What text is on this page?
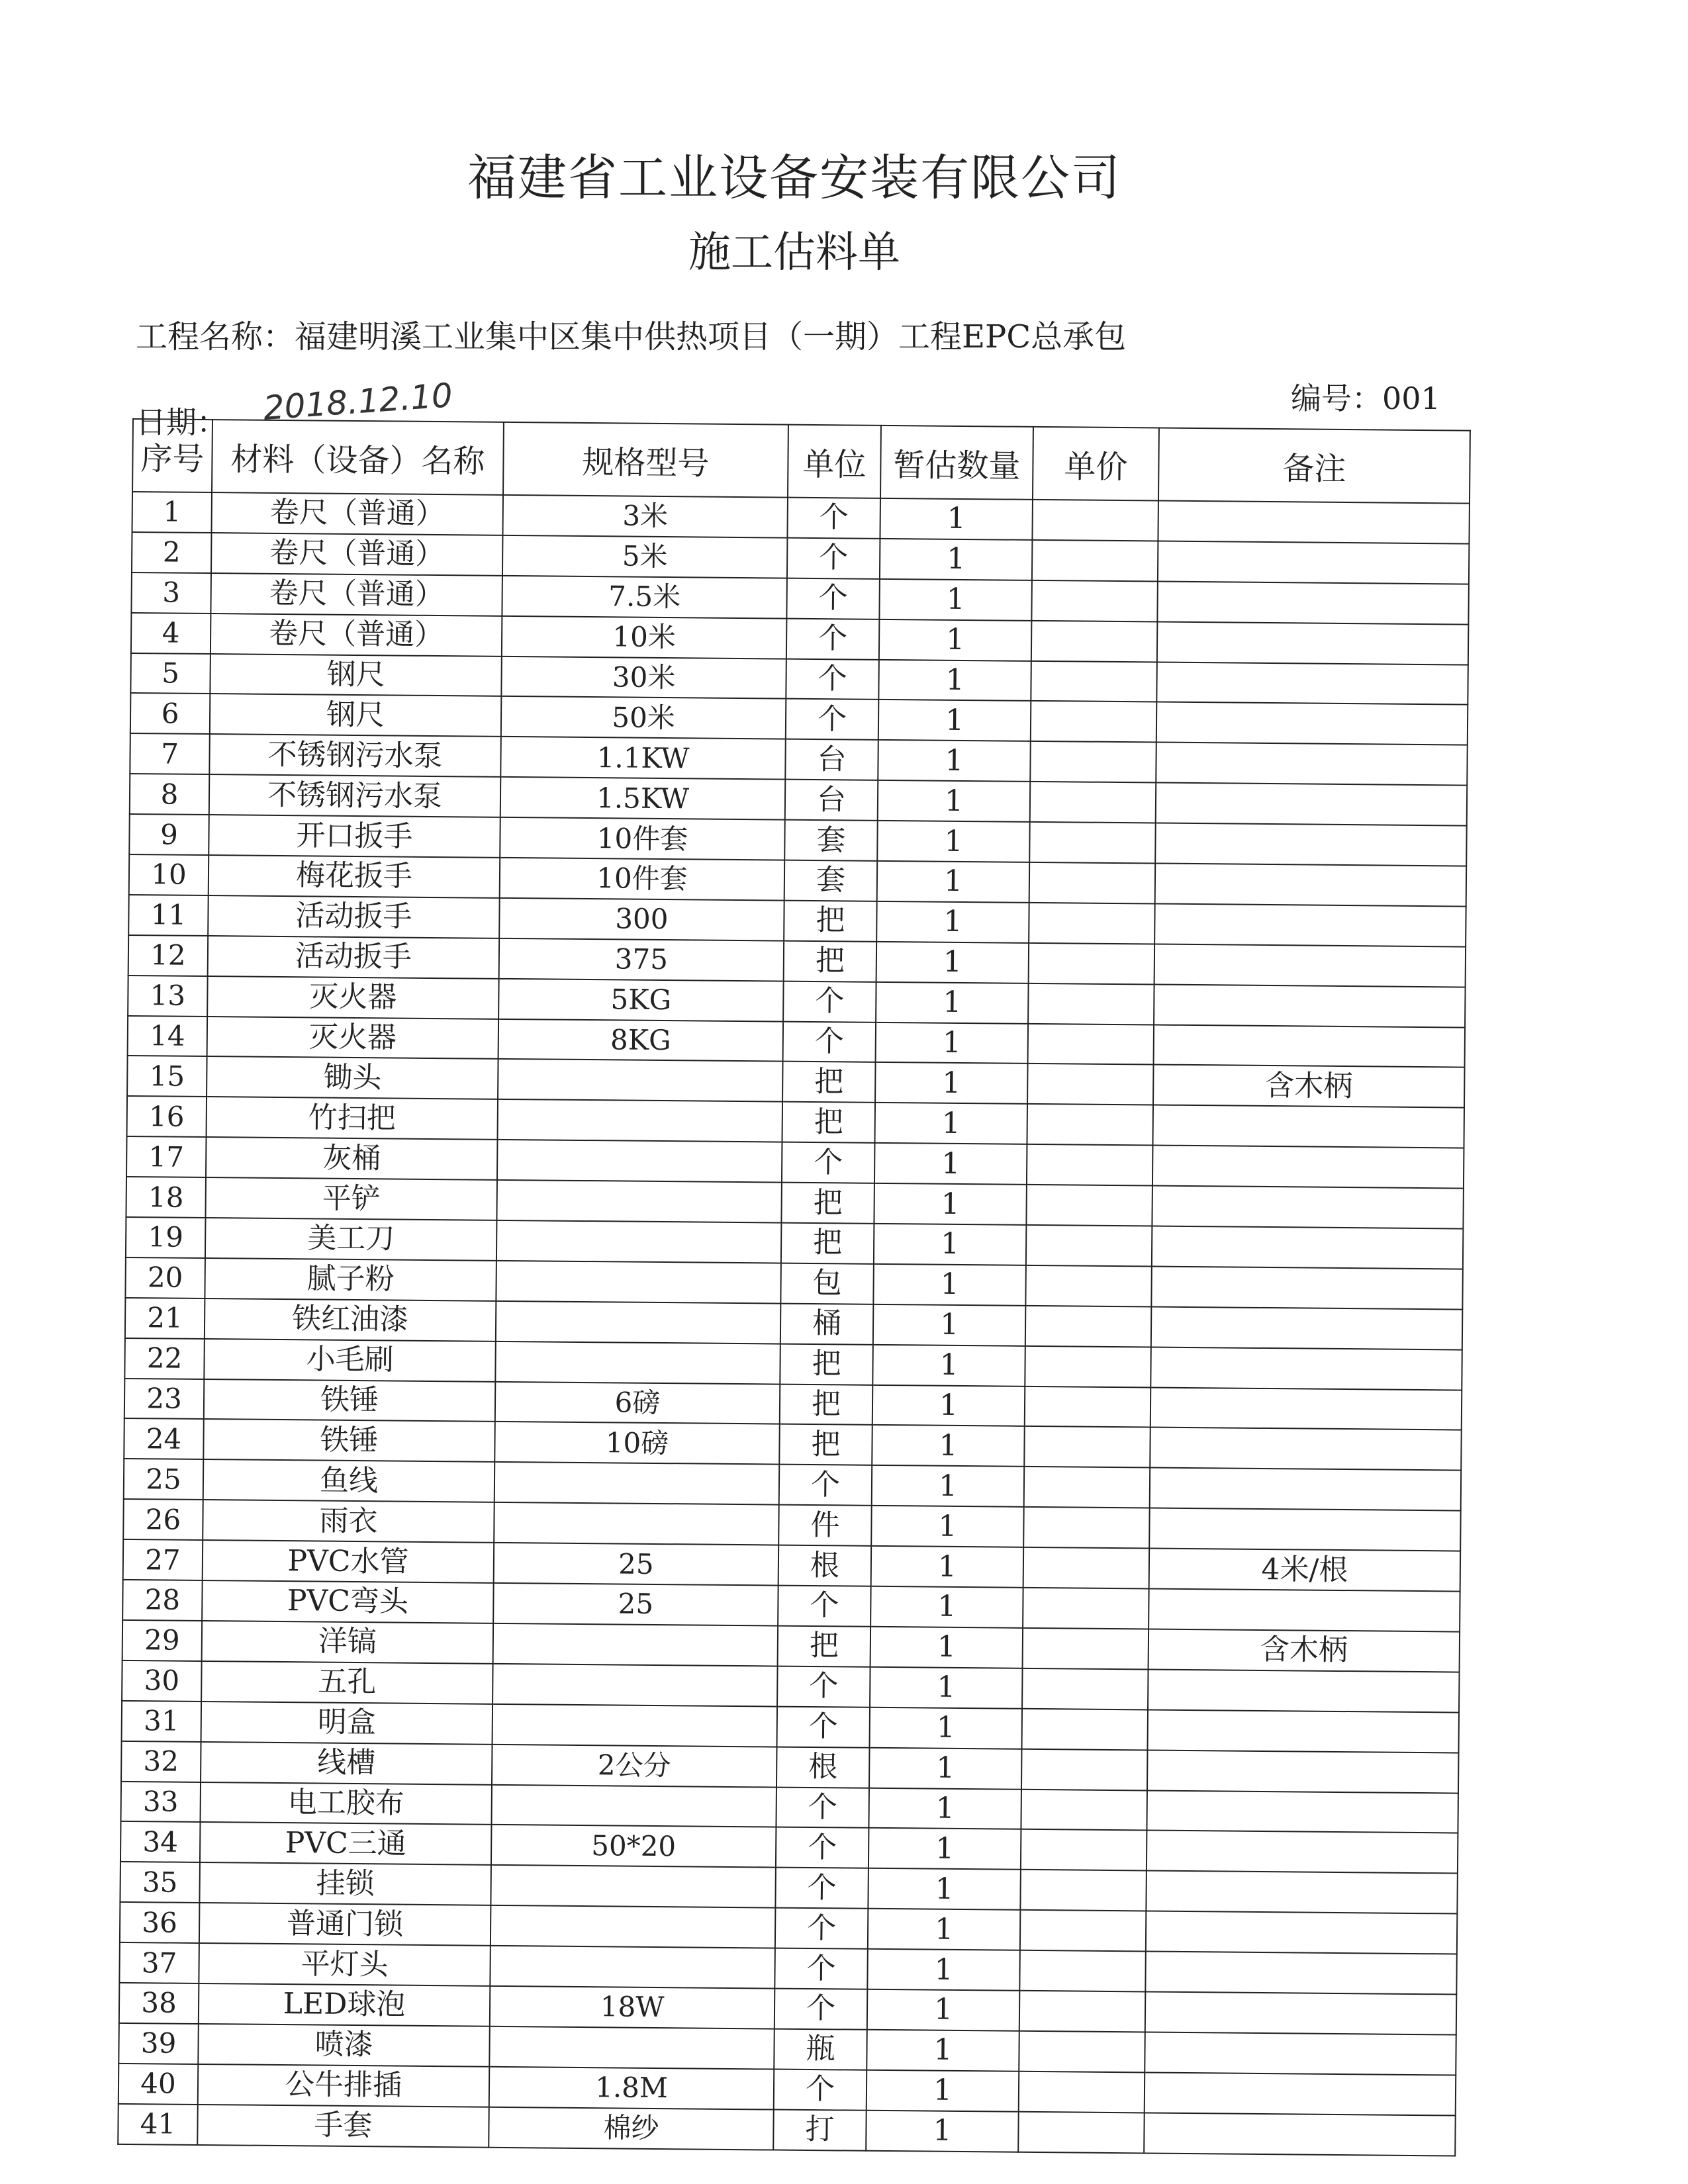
福建省工业设备安装有限公司
施工估料单
工程名称：福建明溪工业集中区集中供热项目（一期）工程EPC总承包
编号：001
日期： 2018.12.10
序号	材料（设备）名称	规格型号	单位	暂估数量	单价	备注
1	卷尺（普通）	3米	个	1		
2	卷尺（普通）	5米	个	1		
3	卷尺（普通）	7.5米	个	1		
4	卷尺（普通）	10米	个	1		
5	钢尺	30米	个	1		
6	钢尺	50米	个	1		
7	不锈钢污水泵	1.1KW	台	1		
8	不锈钢污水泵	1.5KW	台	1		
9	开口扳手	10件套	套	1		
10	梅花扳手	10件套	套	1		
11	活动扳手	300	把	1		
12	活动扳手	375	把	1		
13	灭火器	5KG	个	1		
14	灭火器	8KG	个	1		
15	锄头		把	1		含木柄
16	竹扫把		把	1		
17	灰桶		个	1		
18	平铲		把	1		
19	美工刀		把	1		
20	腻子粉		包	1		
21	铁红油漆		桶	1		
22	小毛刷		把	1		
23	铁锤	6磅	把	1		
24	铁锤	10磅	把	1		
25	鱼线		个	1		
26	雨衣		件	1		
27	PVC水管	25	根	1		4米/根
28	PVC弯头	25	个	1		
29	洋镐		把	1		含木柄
30	五孔		个	1		
31	明盒		个	1		
32	线槽	2公分	根	1		
33	电工胶布		个	1		
34	PVC三通	50*20	个	1		
35	挂锁		个	1		
36	普通门锁		个	1		
37	平灯头		个	1		
38	LED球泡	18W	个	1		
39	喷漆		瓶	1		
40	公牛排插	1.8M	个	1		
41	手套	棉纱	打	1		
